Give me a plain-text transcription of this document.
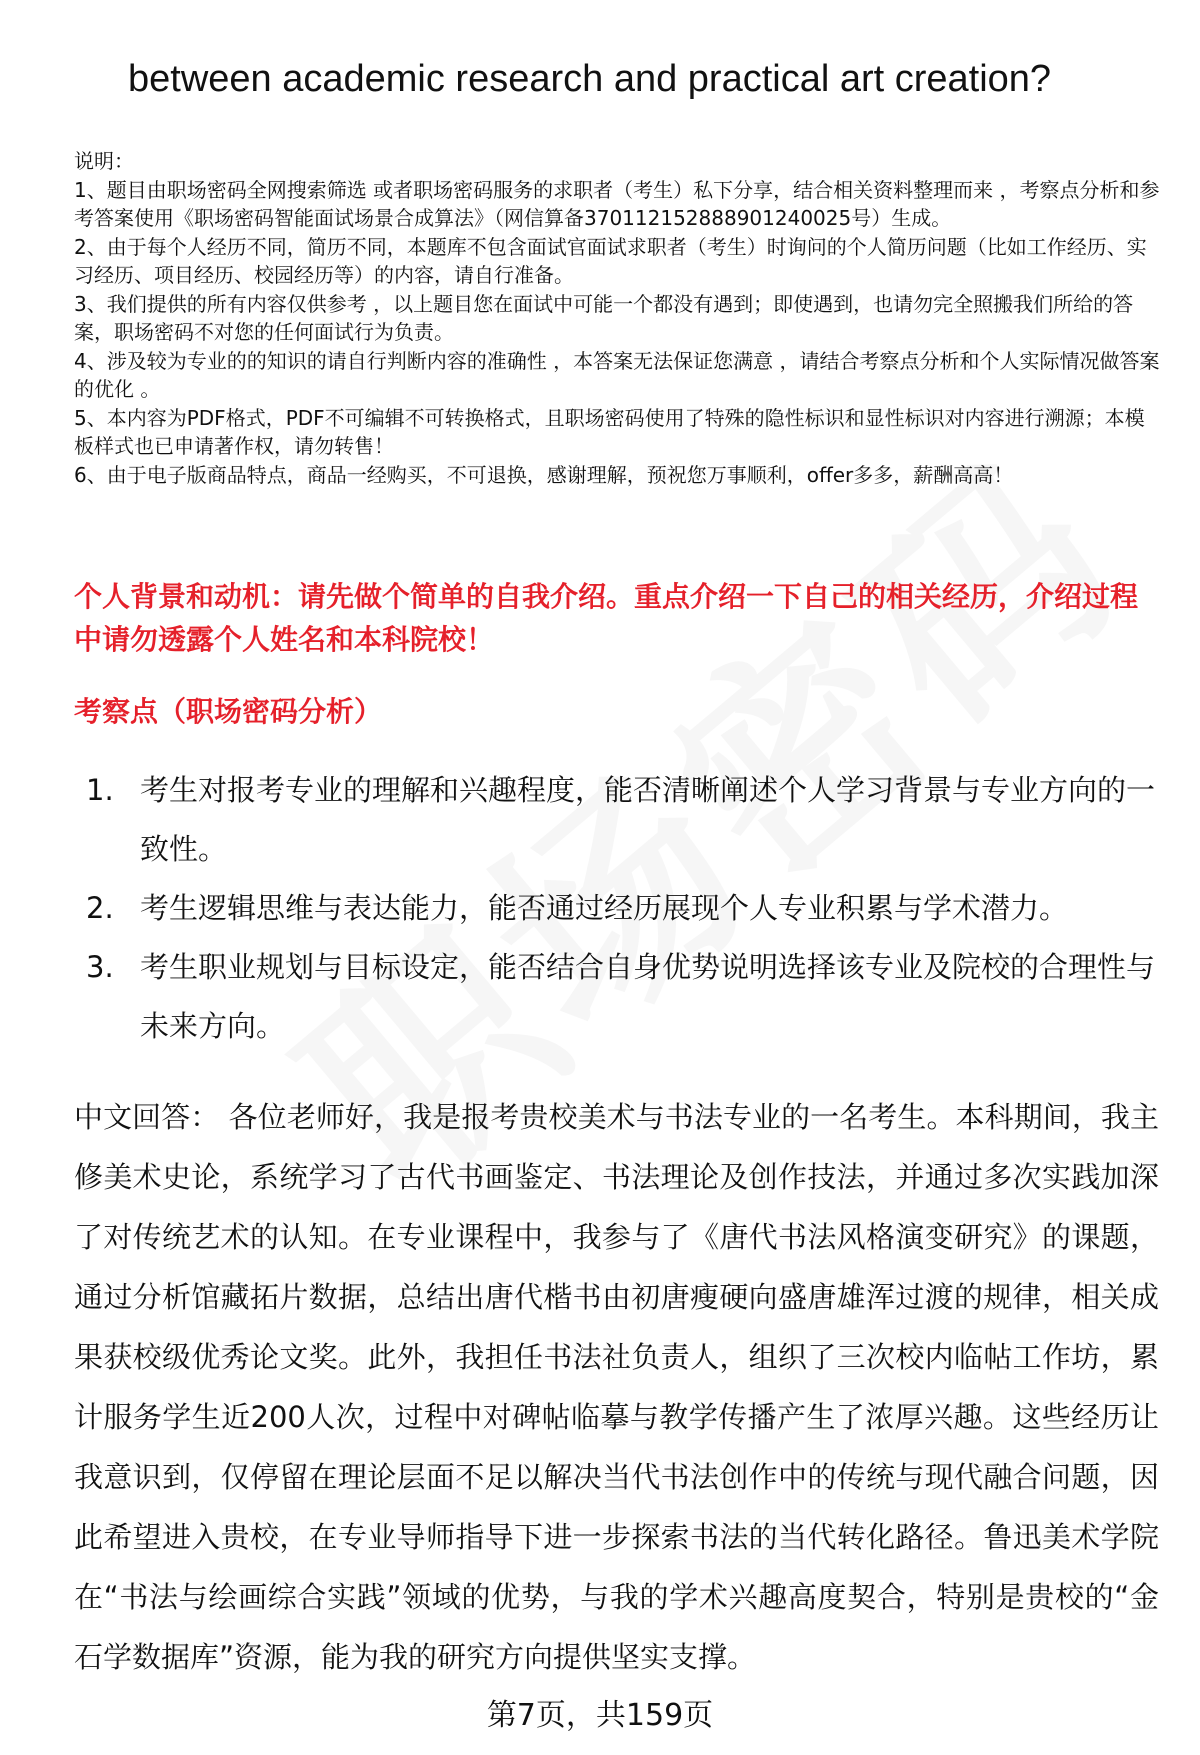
between academic research and practical art creation?

说明：

1、题目由职场密码全网搜索筛选 或者职场密码服务的求职者（考生）私下分享，结合相关资料整理而来 ，考察点分析和参考答案使用《职场密码智能面试场景合成算法》（网信算备370112152888901240025号）生成。

2、由于每个人经历不同，简历不同，本题库不包含面试官面试求职者（考生）时询问的个人简历问题（比如工作经历、实习经历、项目经历、校园经历等）的内容，请自行准备。

3、我们提供的所有内容仅供参考 ，以上题目您在面试中可能一个都没有遇到；即使遇到，也请勿完全照搬我们所给的答案，职场密码不对您的任何面试行为负责。

4、涉及较为专业的的知识的请自行判断内容的准确性 ，本答案无法保证您满意 ，请结合考察点分析和个人实际情况做答案的优化 。

5、本内容为PDF格式，PDF不可编辑不可转换格式，且职场密码使用了特殊的隐性标识和显性标识对内容进行溯源；本模板样式也已申请著作权，请勿转售！

6、由于电子版商品特点，商品一经购买，不可退换，感谢理解，预祝您万事顺利，offer多多，薪酬高高！

个人背景和动机：请先做个简单的自我介绍。重点介绍一下自己的相关经历，介绍过程中请勿透露个人姓名和本科院校！
考察点（职场密码分析）
1. 考生对报考专业的理解和兴趣程度，能否清晰阐述个人学习背景与专业方向的一致性。
2. 考生逻辑思维与表达能力，能否通过经历展现个人专业积累与学术潜力。
3. 考生职业规划与目标设定，能否结合自身优势说明选择该专业及院校的合理性与未来方向。
中文回答： 各位老师好，我是报考贵校美术与书法专业的一名考生。本科期间，我主修美术史论，系统学习了古代书画鉴定、书法理论及创作技法，并通过多次实践加深了对传统艺术的认知。在专业课程中，我参与了《唐代书法风格演变研究》的课题，通过分析馆藏拓片数据，总结出唐代楷书由初唐瘦硬向盛唐雄浑过渡的规律，相关成果获校级优秀论文奖。此外，我担任书法社负责人，组织了三次校内临帖工作坊，累计服务学生近200人次，过程中对碑帖临摹与教学传播产生了浓厚兴趣。这些经历让我意识到，仅停留在理论层面不足以解决当代书法创作中的传统与现代融合问题，因此希望进入贵校，在专业导师指导下进一步探索书法的当代转化路径。鲁迅美术学院在“书法与绘画综合实践”领域的优势，与我的学术兴趣高度契合，特别是贵校的“金石学数据库”资源，能为我的研究方向提供坚实支撑。
第7页，共159页
